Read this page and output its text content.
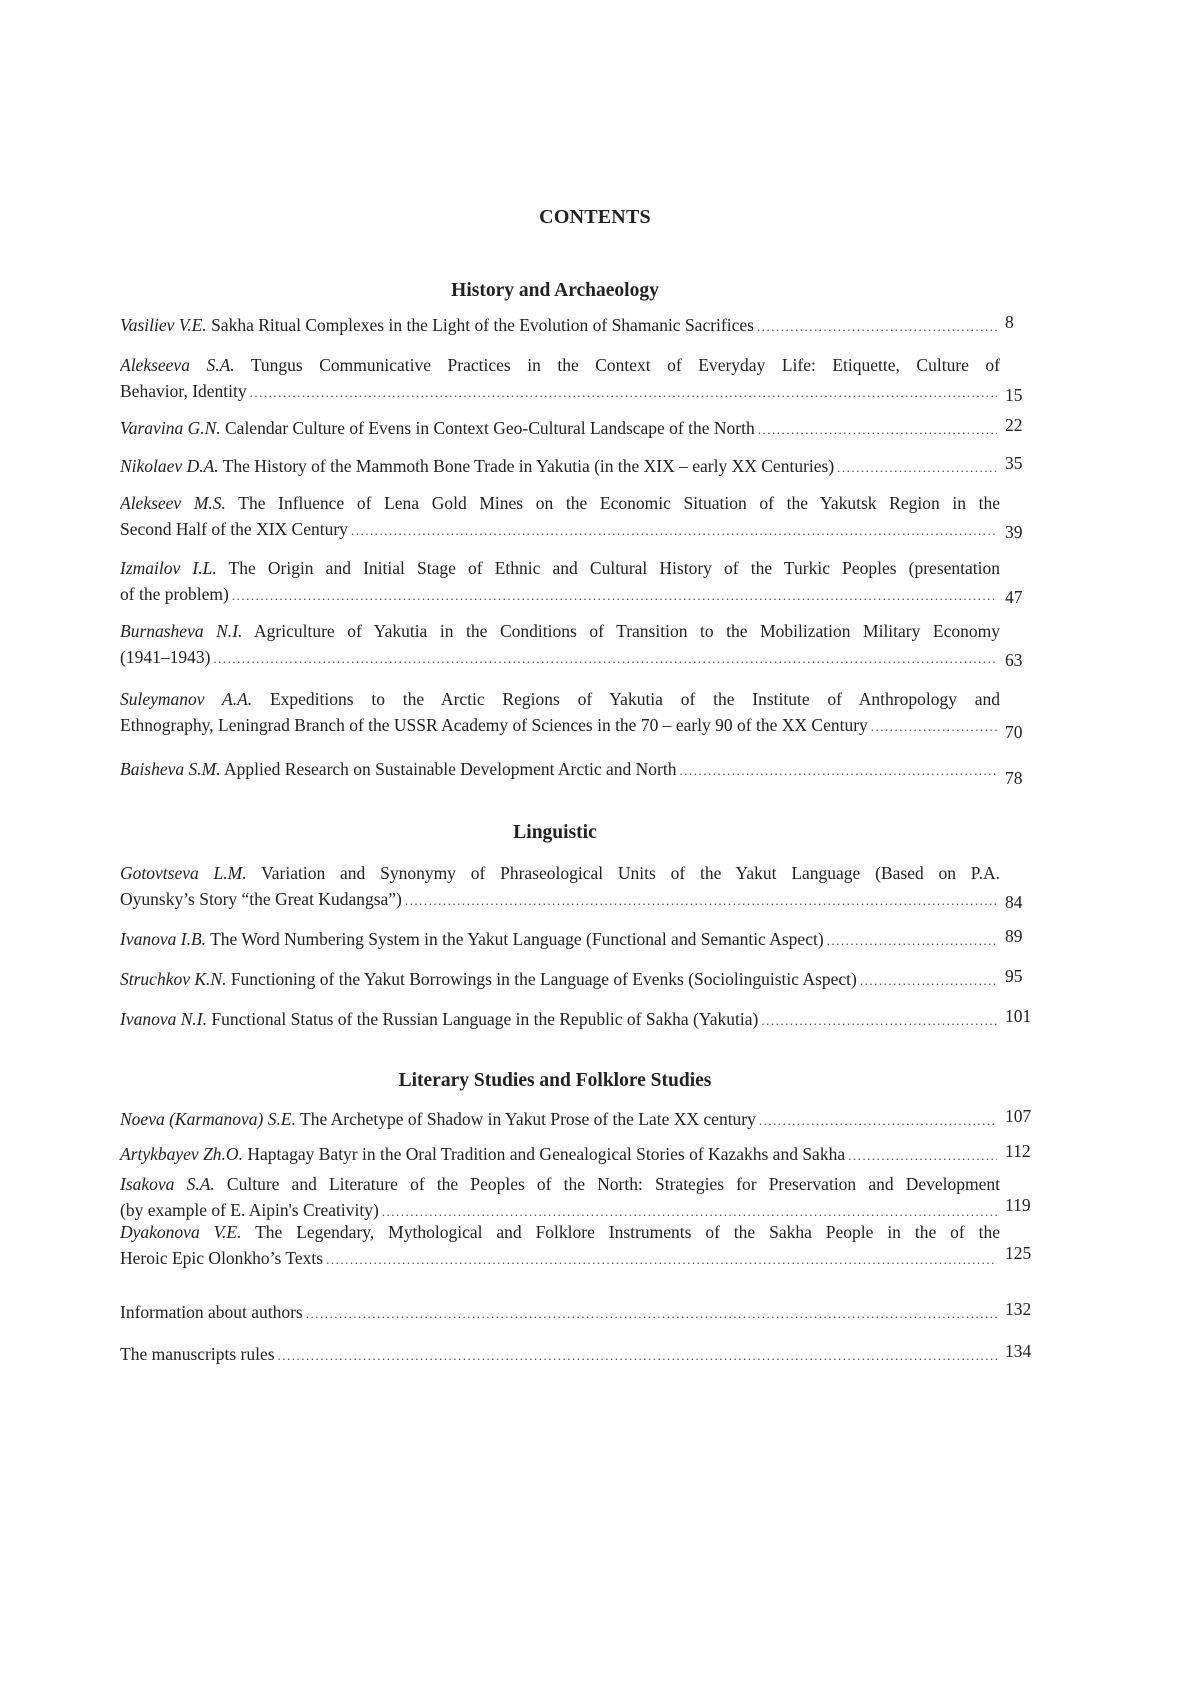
CONTENTS
History and Archaeology
Vasiliev V.E. Sakha Ritual Complexes in the Light of the Evolution of Shamanic Sacrifices .....	8
Alekseeva S.A. Tungus Communicative Practices in the Context of Everyday Life: Etiquette, Culture of
Behavior, Identity .....	15
Varavina G.N. Calendar Culture of Evens in Context Geo-Cultural Landscape of the North .....	22
Nikolaev D.A. The History of the Mammoth Bone Trade in Yakutia (in the XIX – early XX Centuries) .....	35
Alekseev M.S. The Influence of Lena Gold Mines on the Economic Situation of the Yakutsk Region in the
Second Half of the XIX Century .....	39
Izmailov I.L. The Origin and Initial Stage of Ethnic and Cultural History of the Turkic Peoples (presentation
of the problem) .....	47
Burnasheva N.I. Agriculture of Yakutia in the Conditions of Transition to the Mobilization Military Economy
(1941–1943) .....	63
Suleymanov A.A. Expeditions to the Arctic Regions of Yakutia of the Institute of Anthropology and
Ethnography, Leningrad Branch of the USSR Academy of Sciences in the 70 – early 90 of the XX Century .....	70
Baisheva S.M. Applied Research on Sustainable Development Arctic and North .....	78
Linguistic
Gotovtseva L.M. Variation and Synonymy of Phraseological Units of the Yakut Language (Based on P.A.
Oyunsky’s Story “the Great Kudangsa”) .....	84
Ivanova I.B. The Word Numbering System in the Yakut Language (Functional and Semantic Aspect) .....	89
Struchkov K.N. Functioning of the Yakut Borrowings in the Language of Evenks (Sociolinguistic Aspect) .....	95
Ivanova N.I. Functional Status of the Russian Language in the Republic of Sakha (Yakutia) .....	101
Literary Studies and Folklore Studies
Noeva (Karmanova) S.E. The Archetype of Shadow in Yakut Prose of the Late XX century .....	107
Artykbayev Zh.O. Haptagay Batyr in the Oral Tradition and Genealogical Stories of Kazakhs and Sakha .....	112
Isakova S.A. Culture and Literature of the Peoples of the North: Strategies for Preservation and Development
(by example of E. Aipin's Creativity) .....	119
Dyakonova V.E. The Legendary, Mythological and Folklore Instruments of the Sakha People in the of the
Heroic Epic Olonkho’s Texts .....	125
Information about authors .....	132
The manuscripts rules .....	134
